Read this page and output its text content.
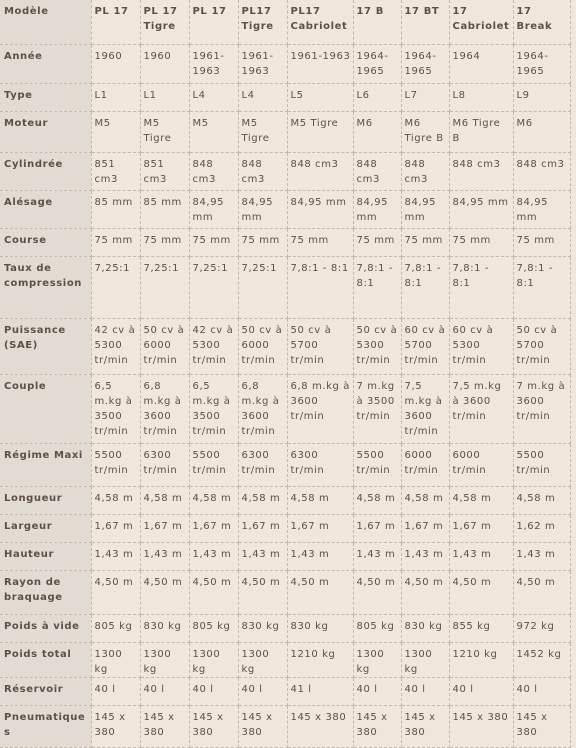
Modèle	PL 17	PL 17 Tigre	PL 17	PL17 Tigre	PL17 Cabriolet	17 B	17 BT	17 Cabriolet	17 Break
Année	1960	1960	1961-1963	1961-1963	1961-1963	1964-1965	1964-1965	1964	1964-1965
Type	L1	L1	L4	L4	L5	L6	L7	L8	L9
Moteur	M5	M5 Tigre	M5	M5 Tigre	M5 Tigre	M6	M6 Tigre B	M6 Tigre B	M6
Cylindrée	851 cm3	851 cm3	848 cm3	848 cm3	848 cm3	848 cm3	848 cm3	848 cm3	848 cm3
Alésage	85 mm	85 mm	84,95 mm	84,95 mm	84,95 mm	84,95 mm	84,95 mm	84,95 mm	84,95 mm
Course	75 mm	75 mm	75 mm	75 mm	75 mm	75 mm	75 mm	75 mm	75 mm
Taux de compression	7,25:1	7,25:1	7,25:1	7,25:1	7,8:1 - 8:1	7,8:1 - 8:1	7,8:1 - 8:1	7,8:1 - 8:1	7,8:1 - 8:1
Puissance (SAE)	42 cv à 5300 tr/min	50 cv à 6000 tr/min	42 cv à 5300 tr/min	50 cv à 6000 tr/min	50 cv à 5700 tr/min	50 cv à 5300 tr/min	60 cv à 5700 tr/min	60 cv à 5300 tr/min	50 cv à 5700 tr/min
Couple	6,5 m.kg à 3500 tr/min	6,8 m.kg à 3600 tr/min	6,5 m.kg à 3500 tr/min	6,8 m.kg à 3600 tr/min	6,8 m.kg à 3600 tr/min	7 m.kg à 3500 tr/min	7,5 m.kg à 3600 tr/min	7,5 m.kg à 3600 tr/min	7 m.kg à 3600 tr/min
Régime Maxi	5500 tr/min	6300 tr/min	5500 tr/min	6300 tr/min	6300 tr/min	5500 tr/min	6000 tr/min	6000 tr/min	5500 tr/min
Longueur	4,58 m	4,58 m	4,58 m	4,58 m	4,58 m	4,58 m	4,58 m	4,58 m	4,58 m
Largeur	1,67 m	1,67 m	1,67 m	1,67 m	1,67 m	1,67 m	1,67 m	1,67 m	1,62 m
Hauteur	1,43 m	1,43 m	1,43 m	1,43 m	1,43 m	1,43 m	1,43 m	1,43 m	1,43 m
Rayon de braquage	4,50 m	4,50 m	4,50 m	4,50 m	4,50 m	4,50 m	4,50 m	4,50 m	4,50 m
Poids à vide	805 kg	830 kg	805 kg	830 kg	830 kg	805 kg	830 kg	855 kg	972 kg
Poids total	1300 kg	1300 kg	1300 kg	1300 kg	1210 kg	1300 kg	1300 kg	1210 kg	1452 kg
Réservoir	40 l	40 l	40 l	40 l	41 l	40 l	40 l	40 l	40 l
Pneumatiques	145 x 380	145 x 380	145 x 380	145 x 380	145 x 380	145 x 380	145 x 380	145 x 380	145 x 380
